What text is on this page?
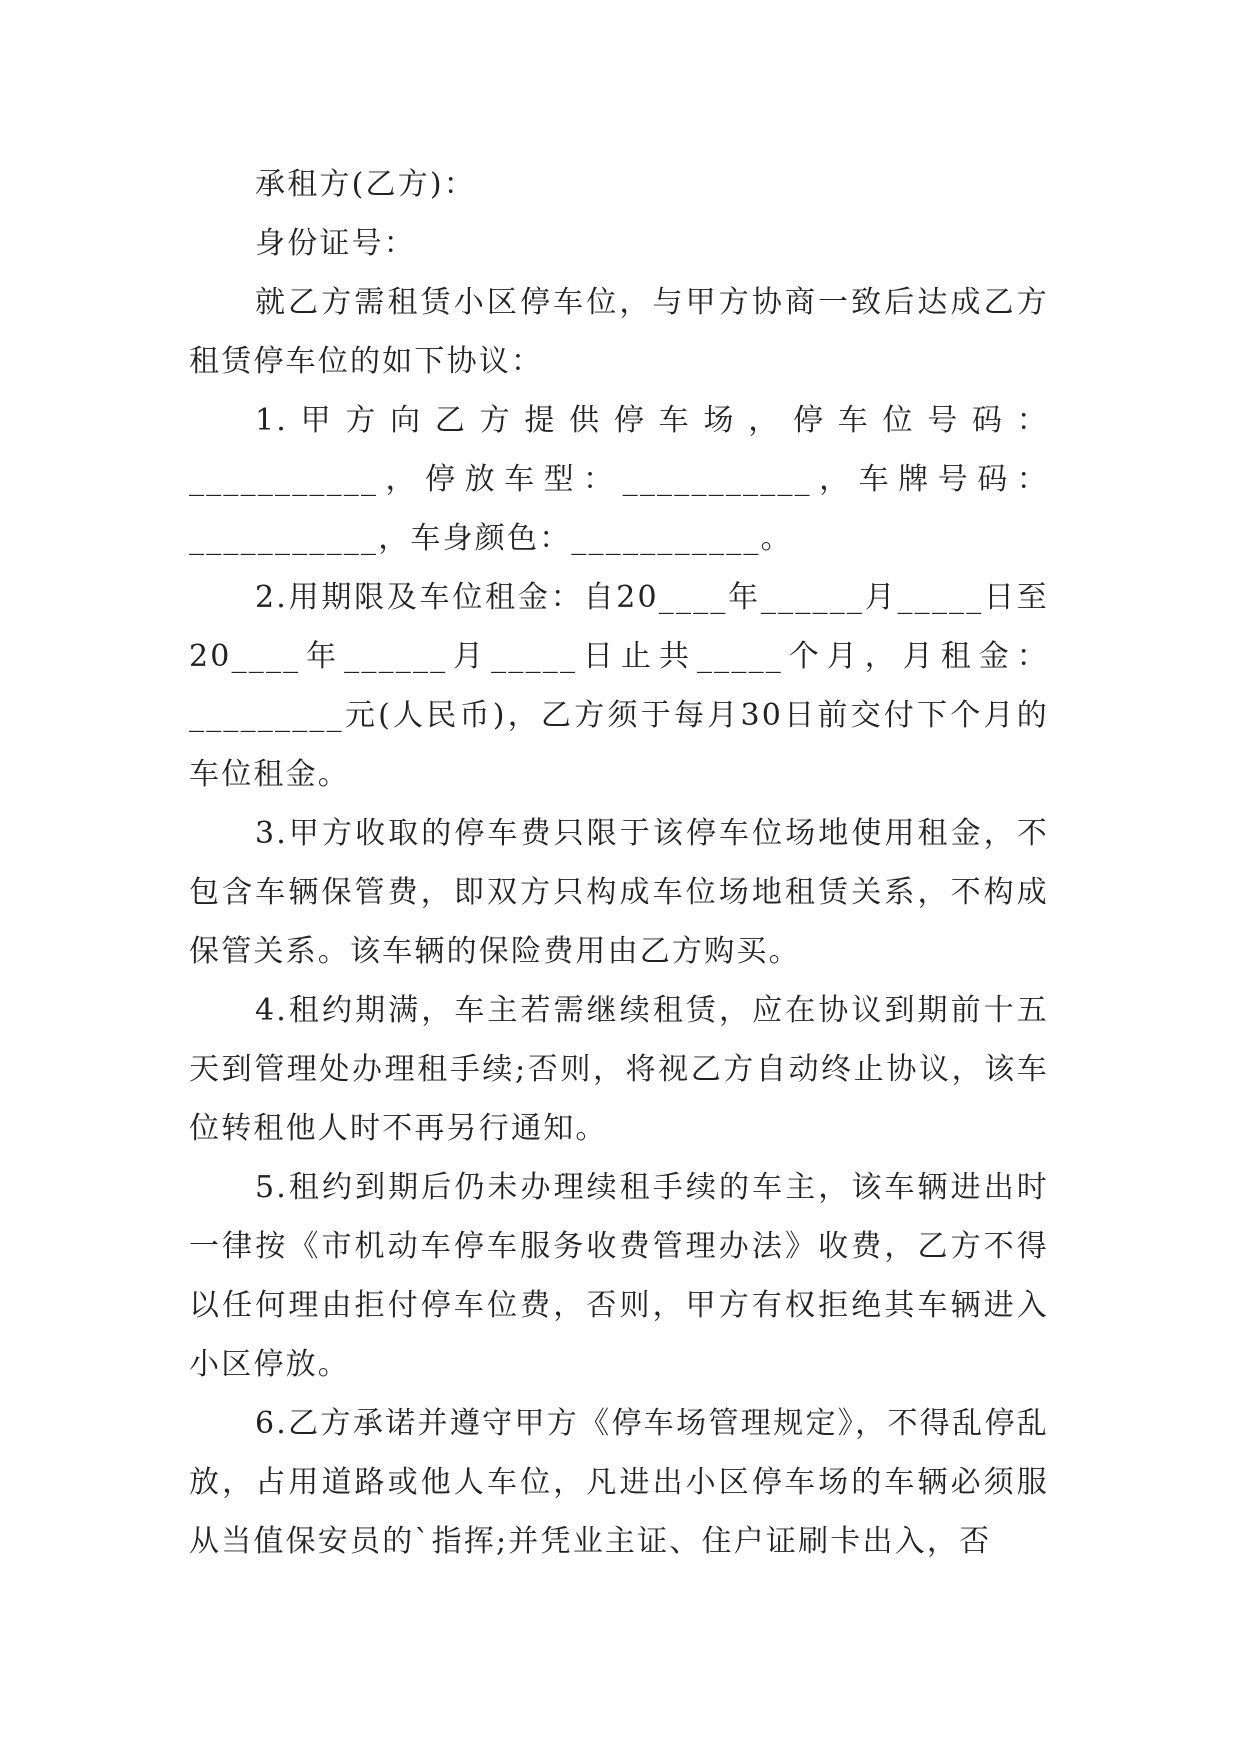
承租方(乙方)：

身份证号：

就乙方需租赁小区停车位，与甲方协商一致后达成乙方租赁停车位的如下协议：

1.甲方向乙方提供停车场，停车位号码：___________，停放车型：___________，车牌号码：___________，车身颜色：___________。

2.用期限及车位租金：自20____年______月_____日至20____年______月_____日止共_____个月，月租金：_________元(人民币)，乙方须于每月30日前交付下个月的车位租金。

3.甲方收取的停车费只限于该停车位场地使用租金，不包含车辆保管费，即双方只构成车位场地租赁关系，不构成保管关系。该车辆的保险费用由乙方购买。

4.租约期满，车主若需继续租赁，应在协议到期前十五天到管理处办理租手续;否则，将视乙方自动终止协议，该车位转租他人时不再另行通知。

5.租约到期后仍未办理续租手续的车主，该车辆进出时一律按《市机动车停车服务收费管理办法》收费，乙方不得以任何理由拒付停车位费，否则，甲方有权拒绝其车辆进入小区停放。

6.乙方承诺并遵守甲方《停车场管理规定》，不得乱停乱放，占用道路或他人车位，凡进出小区停车场的车辆必须服从当值保安员的`指挥;并凭业主证、住户证刷卡出入，否
